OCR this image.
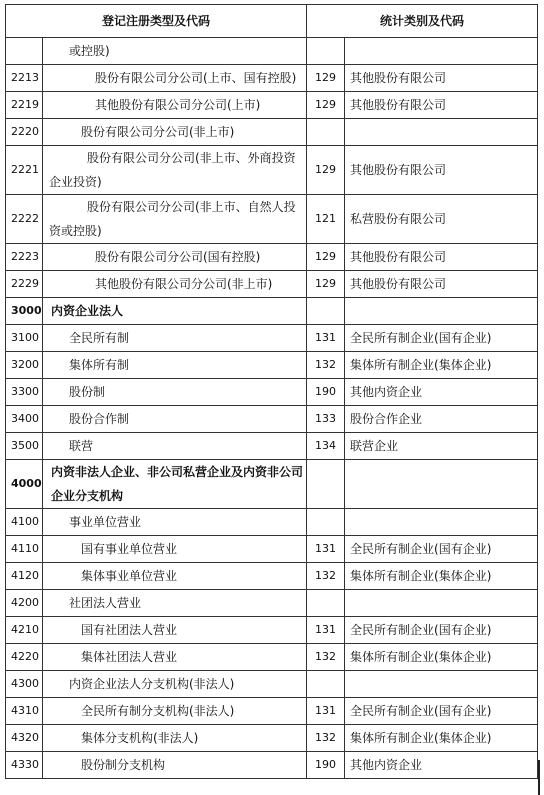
登记注册类型及代码		统计类别及代码	
	或控股)		
2213	股份有限公司分公司(上市、国有控股)	129	其他股份有限公司
2219	其他股份有限公司分公司(上市)	129	其他股份有限公司
2220	股份有限公司分公司(非上市)		
2221	股份有限公司分公司(非上市、外商投资企业投资)	129	其他股份有限公司
2222	股份有限公司分公司(非上市、自然人投资或控股)	121	私营股份有限公司
2223	股份有限公司分公司(国有控股)	129	其他股份有限公司
2229	其他股份有限公司分公司(非上市)	129	其他股份有限公司
3000	内资企业法人		
3100	全民所有制	131	全民所有制企业(国有企业)
3200	集体所有制	132	集体所有制企业(集体企业)
3300	股份制	190	其他内资企业
3400	股份合作制	133	股份合作企业
3500	联营	134	联营企业
4000	内资非法人企业、非公司私营企业及内资非公司企业分支机构		
4100	事业单位营业		
4110	国有事业单位营业	131	全民所有制企业(国有企业)
4120	集体事业单位营业	132	集体所有制企业(集体企业)
4200	社团法人营业		
4210	国有社团法人营业	131	全民所有制企业(国有企业)
4220	集体社团法人营业	132	集体所有制企业(集体企业)
4300	内资企业法人分支机构(非法人)		
4310	全民所有制分支机构(非法人)	131	全民所有制企业(国有企业)
4320	集体分支机构(非法人)	132	集体所有制企业(集体企业)
4330	股份制分支机构	190	其他内资企业
